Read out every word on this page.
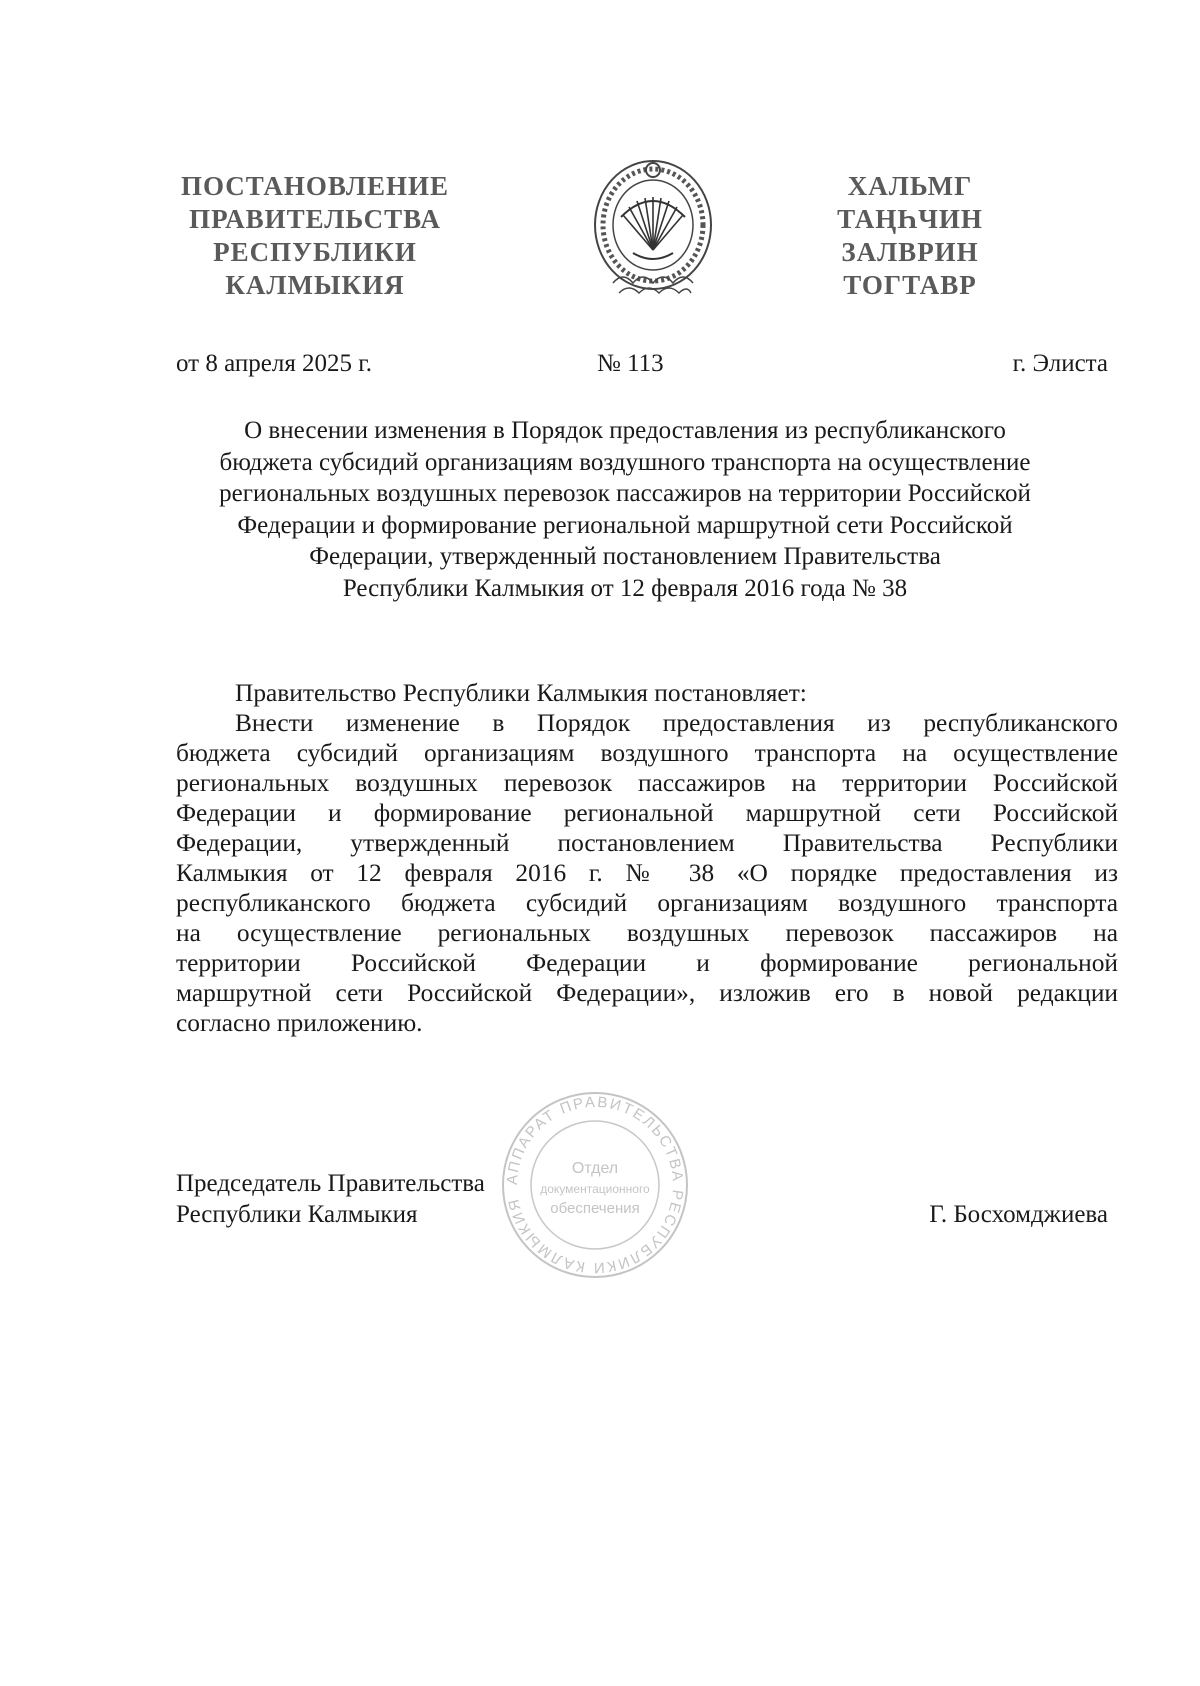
ПОСТАНОВЛЕНИЕ
ПРАВИТЕЛЬСТВА
РЕСПУБЛИКИ
КАЛМЫКИЯ
ХАЛЬМГ
ТАҢҺЧИН
ЗАЛВРИН
ТОГТАВР
от 8 апреля 2025 г.	№ 113	г. Элиста
О внесении изменения в Порядок предоставления из республиканского
бюджета субсидий организациям воздушного транспорта на осуществление
региональных воздушных перевозок пассажиров на территории Российской
Федерации и формирование региональной маршрутной сети Российской
Федерации, утвержденный постановлением Правительства
Республики Калмыкия от 12 февраля 2016 года № 38
Правительство Республики Калмыкия постановляет:
Внести изменение в Порядок предоставления из республиканского
бюджета субсидий организациям воздушного транспорта на осуществление
региональных воздушных перевозок пассажиров на территории Российской
Федерации и формирование региональной маршрутной сети Российской
Федерации, утвержденный постановлением Правительства Республики
Калмыкия от 12 февраля 2016 г. № 38 «О порядке предоставления из
республиканского бюджета субсидий организациям воздушного транспорта
на осуществление региональных воздушных перевозок пассажиров на
территории Российской Федерации и формирование региональной
маршрутной сети Российской Федерации», изложив его в новой редакции
согласно приложению.
АППАРАТ ПРАВИТЕЛЬСТВА РЕСПУБЛИКИ КАЛМЫКИЯ
Отдел
документационного
обеспечения
Председатель Правительства
Республики Калмыкия	Г. Босхомджиева
